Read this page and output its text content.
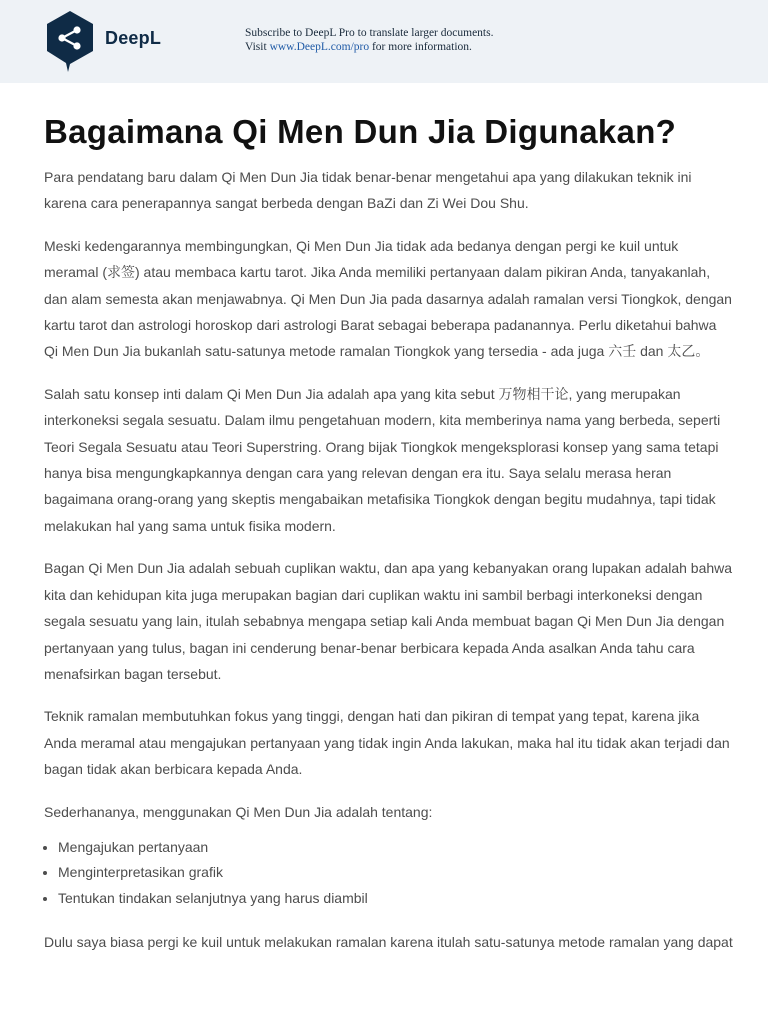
DeepL	Subscribe to DeepL Pro to translate larger documents.
Visit www.DeepL.com/pro for more information.
Bagaimana Qi Men Dun Jia Digunakan?

Para pendatang baru dalam Qi Men Dun Jia tidak benar-benar mengetahui apa yang dilakukan teknik ini karena cara penerapannya sangat berbeda dengan BaZi dan Zi Wei Dou Shu.

Meski kedengarannya membingungkan, Qi Men Dun Jia tidak ada bedanya dengan pergi ke kuil untuk meramal (求签) atau membaca kartu tarot. Jika Anda memiliki pertanyaan dalam pikiran Anda, tanyakanlah, dan alam semesta akan menjawabnya. Qi Men Dun Jia pada dasarnya adalah ramalan versi Tiongkok, dengan kartu tarot dan astrologi horoskop dari astrologi Barat sebagai beberapa padanannya. Perlu diketahui bahwa Qi Men Dun Jia bukanlah satu-satunya metode ramalan Tiongkok yang tersedia - ada juga 六壬 dan 太乙。

Salah satu konsep inti dalam Qi Men Dun Jia adalah apa yang kita sebut 万物相干论, yang merupakan interkoneksi segala sesuatu. Dalam ilmu pengetahuan modern, kita memberinya nama yang berbeda, seperti Teori Segala Sesuatu atau Teori Superstring. Orang bijak Tiongkok mengeksplorasi konsep yang sama tetapi hanya bisa mengungkapkannya dengan cara yang relevan dengan era itu. Saya selalu merasa heran bagaimana orang-orang yang skeptis mengabaikan metafisika Tiongkok dengan begitu mudahnya, tapi tidak melakukan hal yang sama untuk fisika modern.

Bagan Qi Men Dun Jia adalah sebuah cuplikan waktu, dan apa yang kebanyakan orang lupakan adalah bahwa kita dan kehidupan kita juga merupakan bagian dari cuplikan waktu ini sambil berbagi interkoneksi dengan segala sesuatu yang lain, itulah sebabnya mengapa setiap kali Anda membuat bagan Qi Men Dun Jia dengan pertanyaan yang tulus, bagan ini cenderung benar-benar berbicara kepada Anda asalkan Anda tahu cara menafsirkan bagan tersebut.

Teknik ramalan membutuhkan fokus yang tinggi, dengan hati dan pikiran di tempat yang tepat, karena jika Anda meramal atau mengajukan pertanyaan yang tidak ingin Anda lakukan, maka hal itu tidak akan terjadi dan bagan tidak akan berbicara kepada Anda.

Sederhananya, menggunakan Qi Men Dun Jia adalah tentang:

• Mengajukan pertanyaan
• Menginterpretasikan grafik
• Tentukan tindakan selanjutnya yang harus diambil

Dulu saya biasa pergi ke kuil untuk melakukan ramalan karena itulah satu-satunya metode ramalan yang dapat
